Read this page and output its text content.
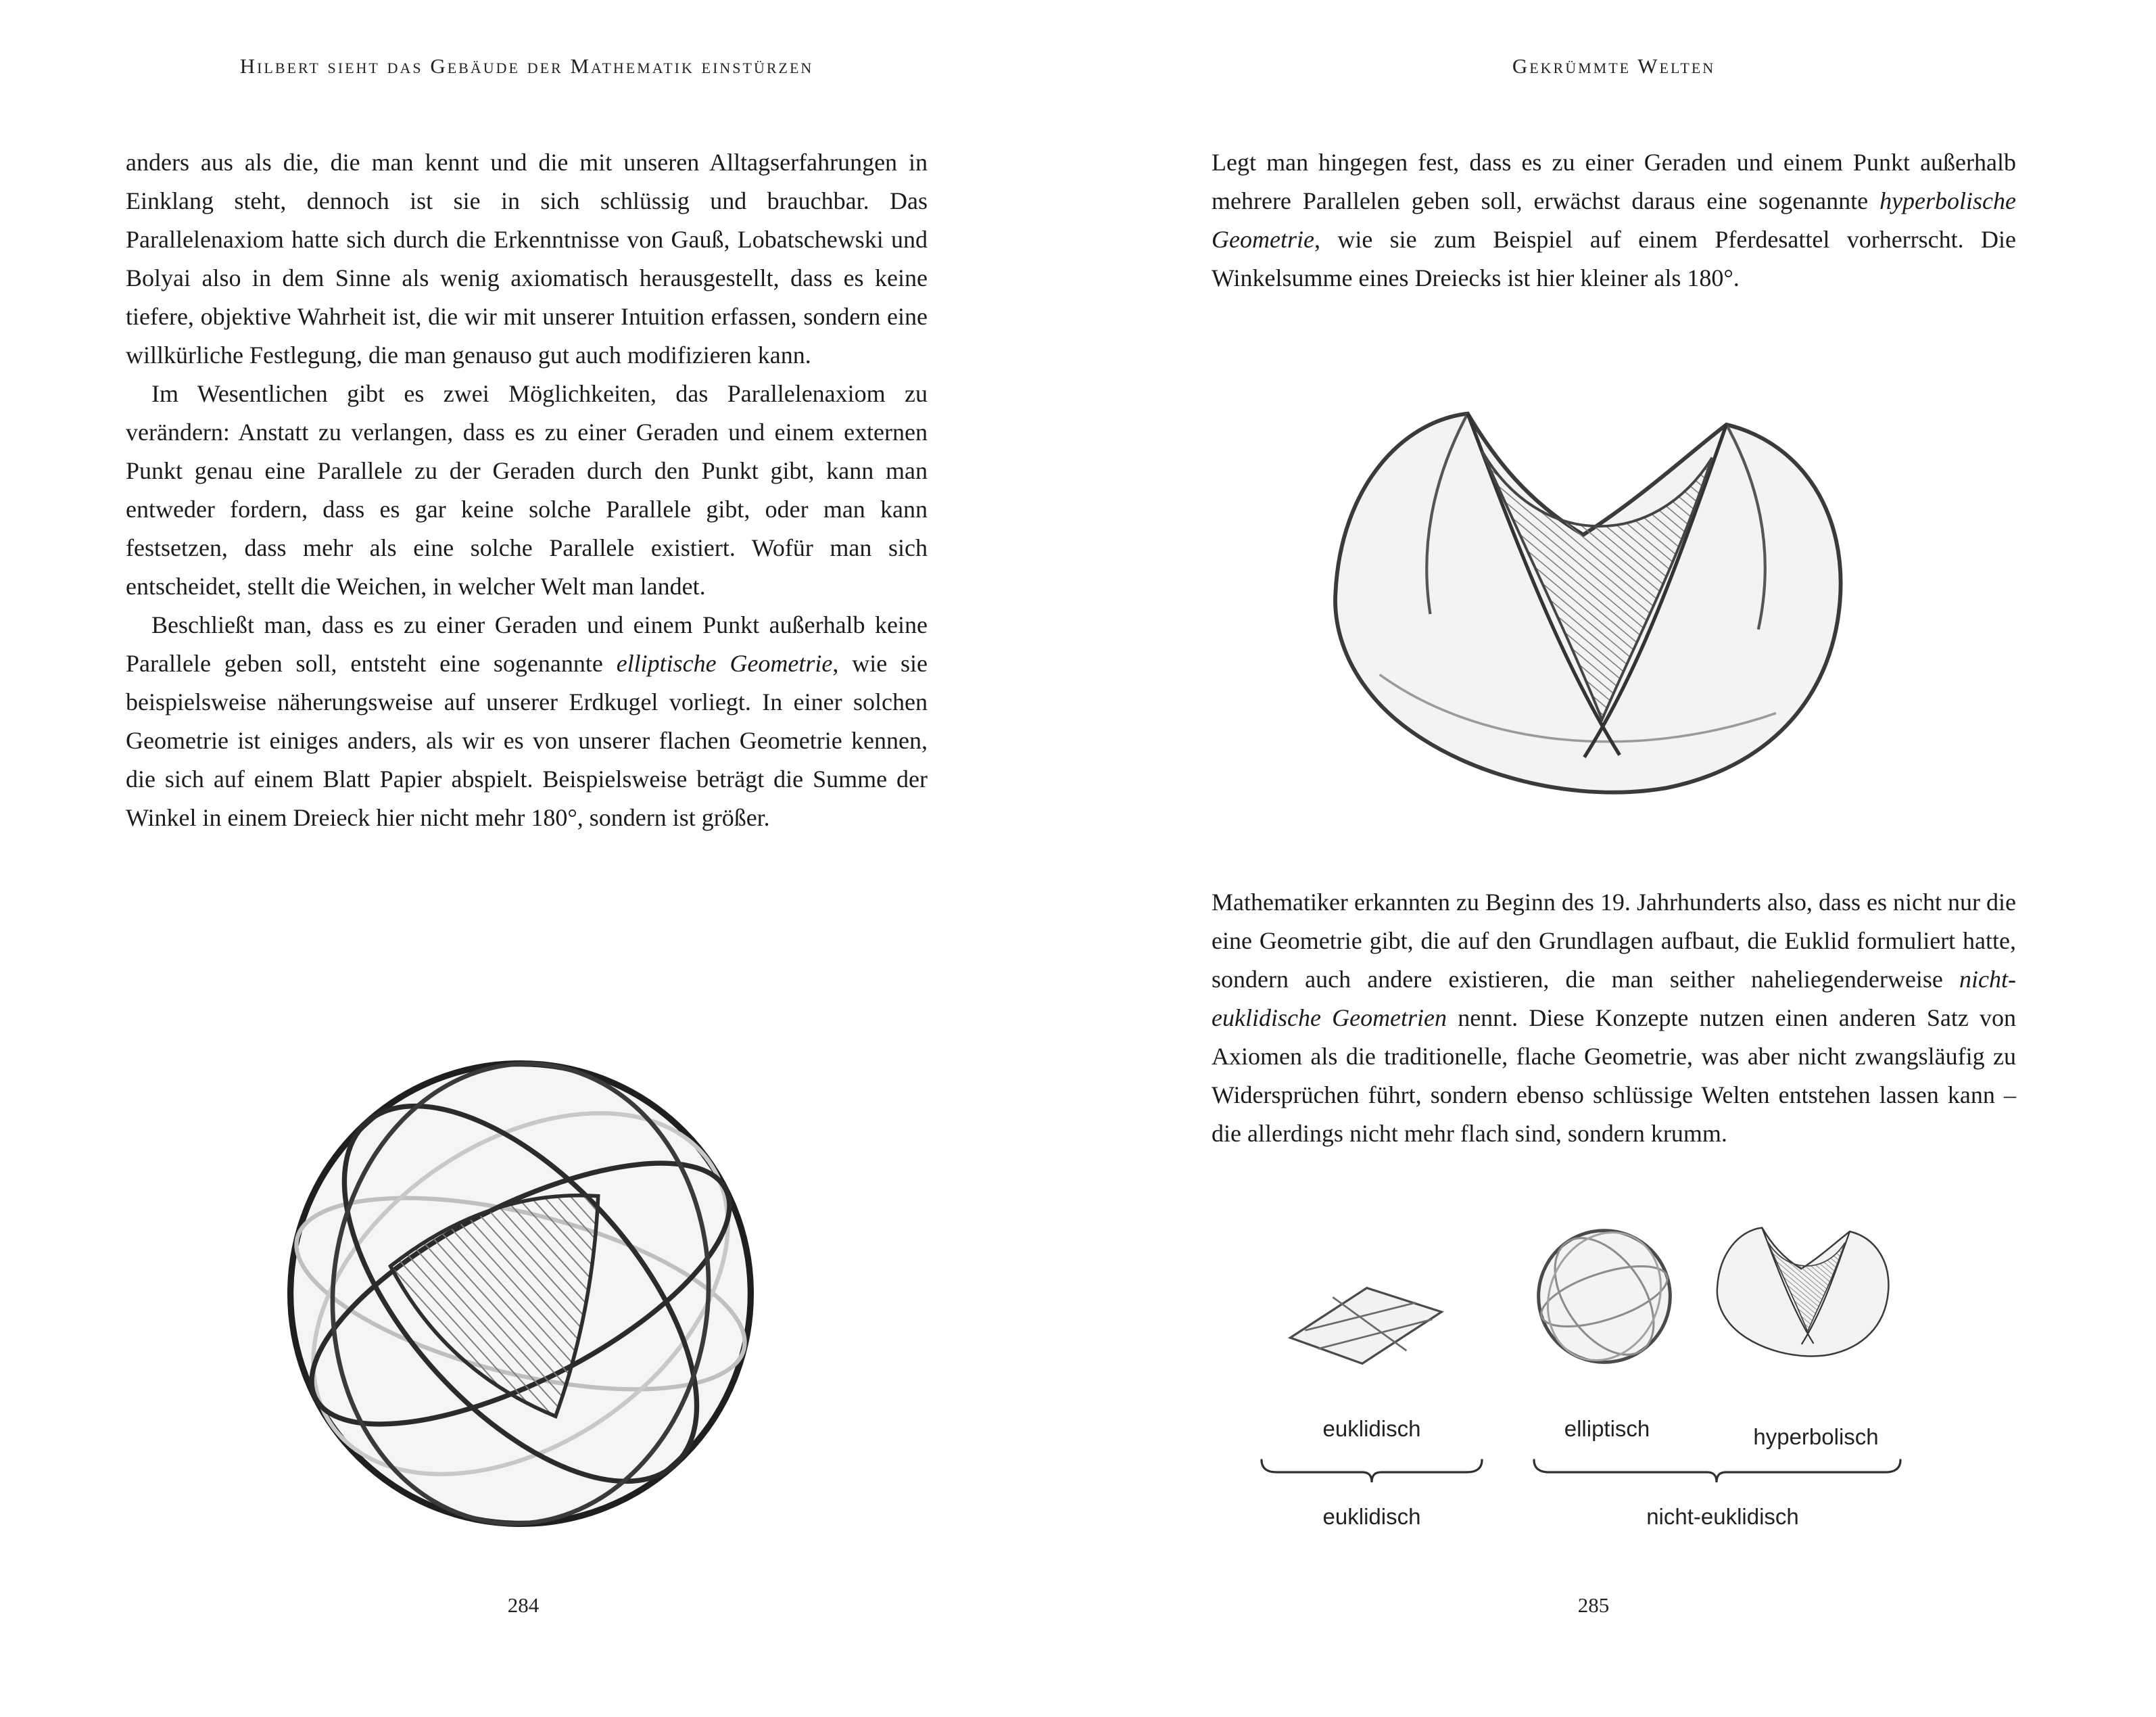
Hilbert sieht das Gebäude der Mathematik einstürzen

anders aus als die, die man kennt und die mit unseren Alltagserfahrungen in Einklang steht, dennoch ist sie in sich schlüssig und brauchbar. Das Parallelenaxiom hatte sich durch die Erkenntnisse von Gauß, Lobatschewski und Bolyai also in dem Sinne als wenig axiomatisch herausgestellt, dass es keine tiefere, objektive Wahrheit ist, die wir mit unserer Intuition erfassen, sondern eine willkürliche Festlegung, die man genauso gut auch modifizieren kann.

Im Wesentlichen gibt es zwei Möglichkeiten, das Parallelenaxiom zu verändern: Anstatt zu verlangen, dass es zu einer Geraden und einem externen Punkt genau eine Parallele zu der Geraden durch den Punkt gibt, kann man entweder fordern, dass es gar keine solche Parallele gibt, oder man kann festsetzen, dass mehr als eine solche Parallele existiert. Wofür man sich entscheidet, stellt die Weichen, in welcher Welt man landet.

Beschließt man, dass es zu einer Geraden und einem Punkt außerhalb keine Parallele geben soll, entsteht eine sogenannte elliptische Geometrie, wie sie beispielsweise näherungsweise auf unserer Erdkugel vorliegt. In einer solchen Geometrie ist einiges anders, als wir es von unserer flachen Geometrie kennen, die sich auf einem Blatt Papier abspielt. Beispielsweise beträgt die Summe der Winkel in einem Dreieck hier nicht mehr 180°, sondern ist größer.

284
Gekrümmte Welten

Legt man hingegen fest, dass es zu einer Geraden und einem Punkt außerhalb mehrere Parallelen geben soll, erwächst daraus eine sogenannte hyperbolische Geometrie, wie sie zum Beispiel auf einem Pferdesattel vorherrscht. Die Winkelsumme eines Dreiecks ist hier kleiner als 180°.

Mathematiker erkannten zu Beginn des 19. Jahrhunderts also, dass es nicht nur die eine Geometrie gibt, die auf den Grundlagen aufbaut, die Euklid formuliert hatte, sondern auch andere existieren, die man seither naheliegenderweise nicht-euklidische Geometrien nennt. Diese Konzepte nutzen einen anderen Satz von Axiomen als die traditionelle, flache Geometrie, was aber nicht zwangsläufig zu Widersprüchen führt, sondern ebenso schlüssige Welten entstehen lassen kann – die allerdings nicht mehr flach sind, sondern krumm.

euklidisch	elliptisch	hyperbolisch
euklidisch	nicht-euklidisch
285
